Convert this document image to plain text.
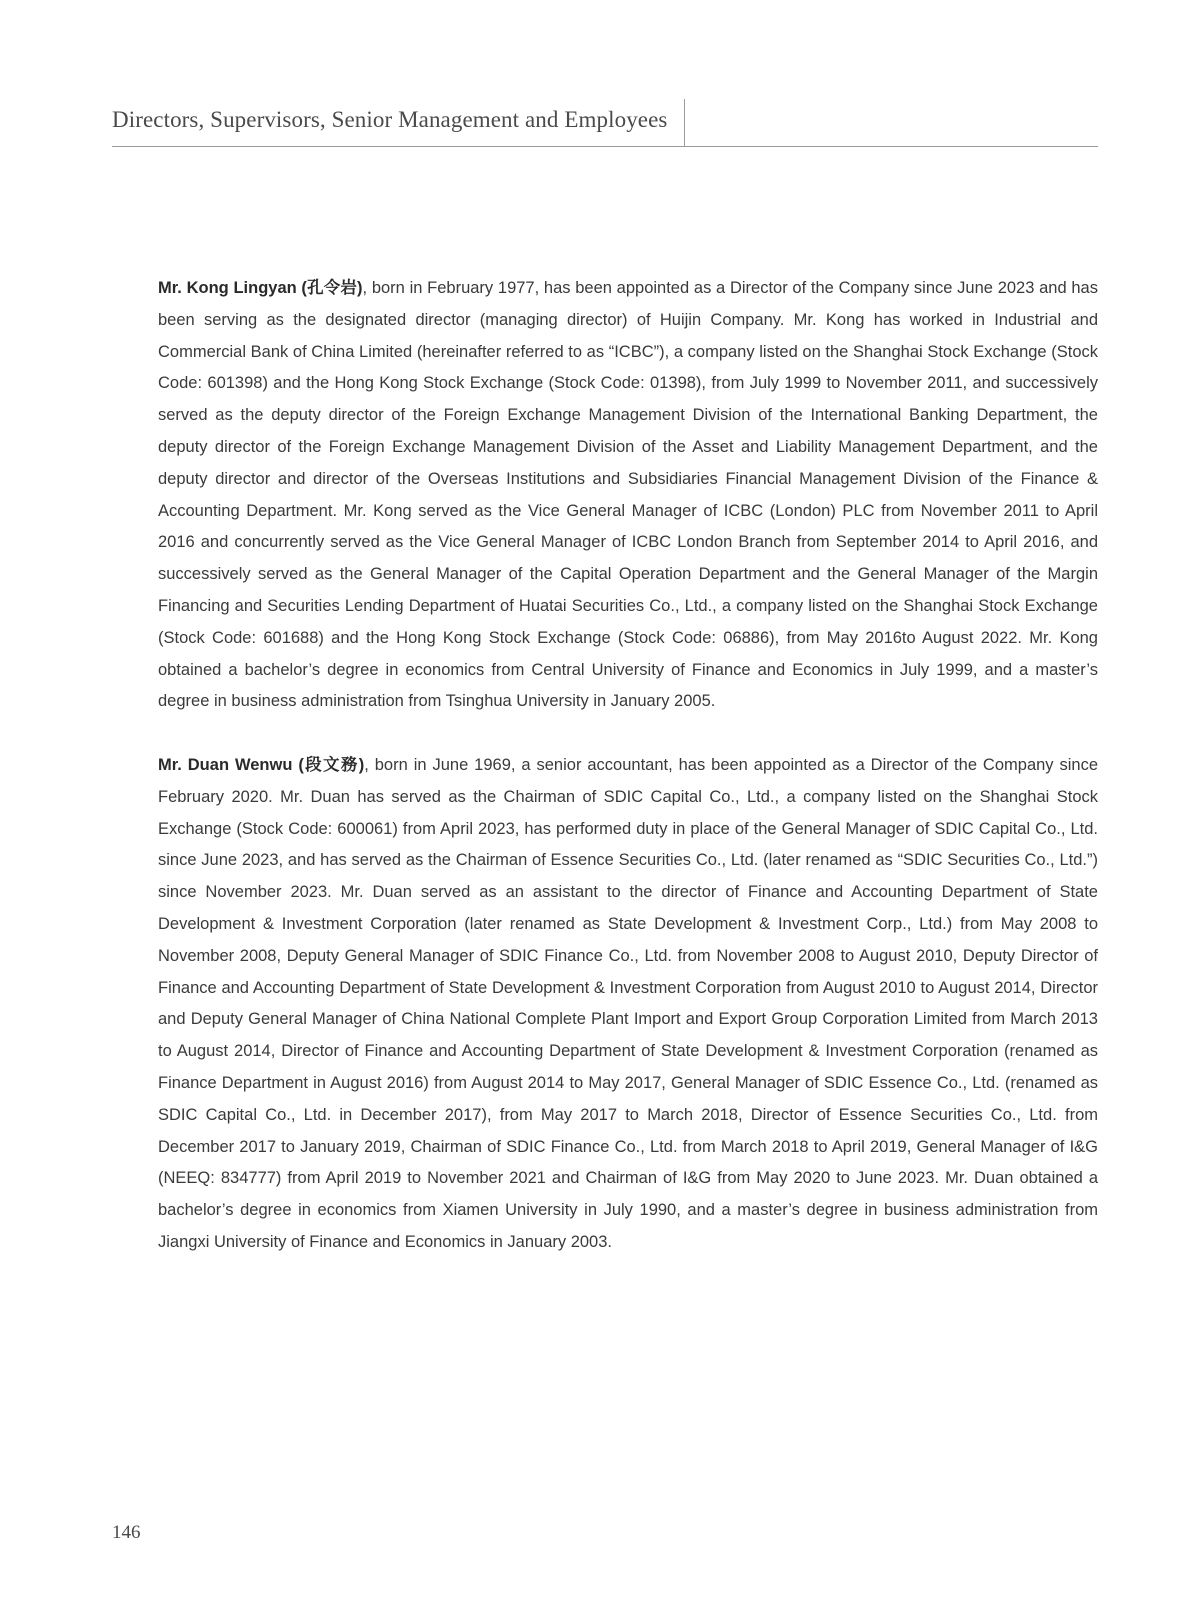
Directors, Supervisors, Senior Management and Employees

Mr. Kong Lingyan (孔令岩), born in February 1977, has been appointed as a Director of the Company since June 2023 and has been serving as the designated director (managing director) of Huijin Company. Mr. Kong has worked in Industrial and Commercial Bank of China Limited (hereinafter referred to as “ICBC”), a company listed on the Shanghai Stock Exchange (Stock Code: 601398) and the Hong Kong Stock Exchange (Stock Code: 01398), from July 1999 to November 2011, and successively served as the deputy director of the Foreign Exchange Management Division of the International Banking Department, the deputy director of the Foreign Exchange Management Division of the Asset and Liability Management Department, and the deputy director and director of the Overseas Institutions and Subsidiaries Financial Management Division of the Finance & Accounting Department. Mr. Kong served as the Vice General Manager of ICBC (London) PLC from November 2011 to April 2016 and concurrently served as the Vice General Manager of ICBC London Branch from September 2014 to April 2016, and successively served as the General Manager of the Capital Operation Department and the General Manager of the Margin Financing and Securities Lending Department of Huatai Securities Co., Ltd., a company listed on the Shanghai Stock Exchange (Stock Code: 601688) and the Hong Kong Stock Exchange (Stock Code: 06886), from May 2016to August 2022. Mr. Kong obtained a bachelor’s degree in economics from Central University of Finance and Economics in July 1999, and a master’s degree in business administration from Tsinghua University in January 2005.

Mr. Duan Wenwu (段文務), born in June 1969, a senior accountant, has been appointed as a Director of the Company since February 2020. Mr. Duan has served as the Chairman of SDIC Capital Co., Ltd., a company listed on the Shanghai Stock Exchange (Stock Code: 600061) from April 2023, has performed duty in place of the General Manager of SDIC Capital Co., Ltd. since June 2023, and has served as the Chairman of Essence Securities Co., Ltd. (later renamed as “SDIC Securities Co., Ltd.”) since November 2023. Mr. Duan served as an assistant to the director of Finance and Accounting Department of State Development & Investment Corporation (later renamed as State Development & Investment Corp., Ltd.) from May 2008 to November 2008, Deputy General Manager of SDIC Finance Co., Ltd. from November 2008 to August 2010, Deputy Director of Finance and Accounting Department of State Development & Investment Corporation from August 2010 to August 2014, Director and Deputy General Manager of China National Complete Plant Import and Export Group Corporation Limited from March 2013 to August 2014, Director of Finance and Accounting Department of State Development & Investment Corporation (renamed as Finance Department in August 2016) from August 2014 to May 2017, General Manager of SDIC Essence Co., Ltd. (renamed as SDIC Capital Co., Ltd. in December 2017), from May 2017 to March 2018, Director of Essence Securities Co., Ltd. from December 2017 to January 2019, Chairman of SDIC Finance Co., Ltd. from March 2018 to April 2019, General Manager of I&G (NEEQ: 834777) from April 2019 to November 2021 and Chairman of I&G from May 2020 to June 2023. Mr. Duan obtained a bachelor’s degree in economics from Xiamen University in July 1990, and a master’s degree in business administration from Jiangxi University of Finance and Economics in January 2003.

146
